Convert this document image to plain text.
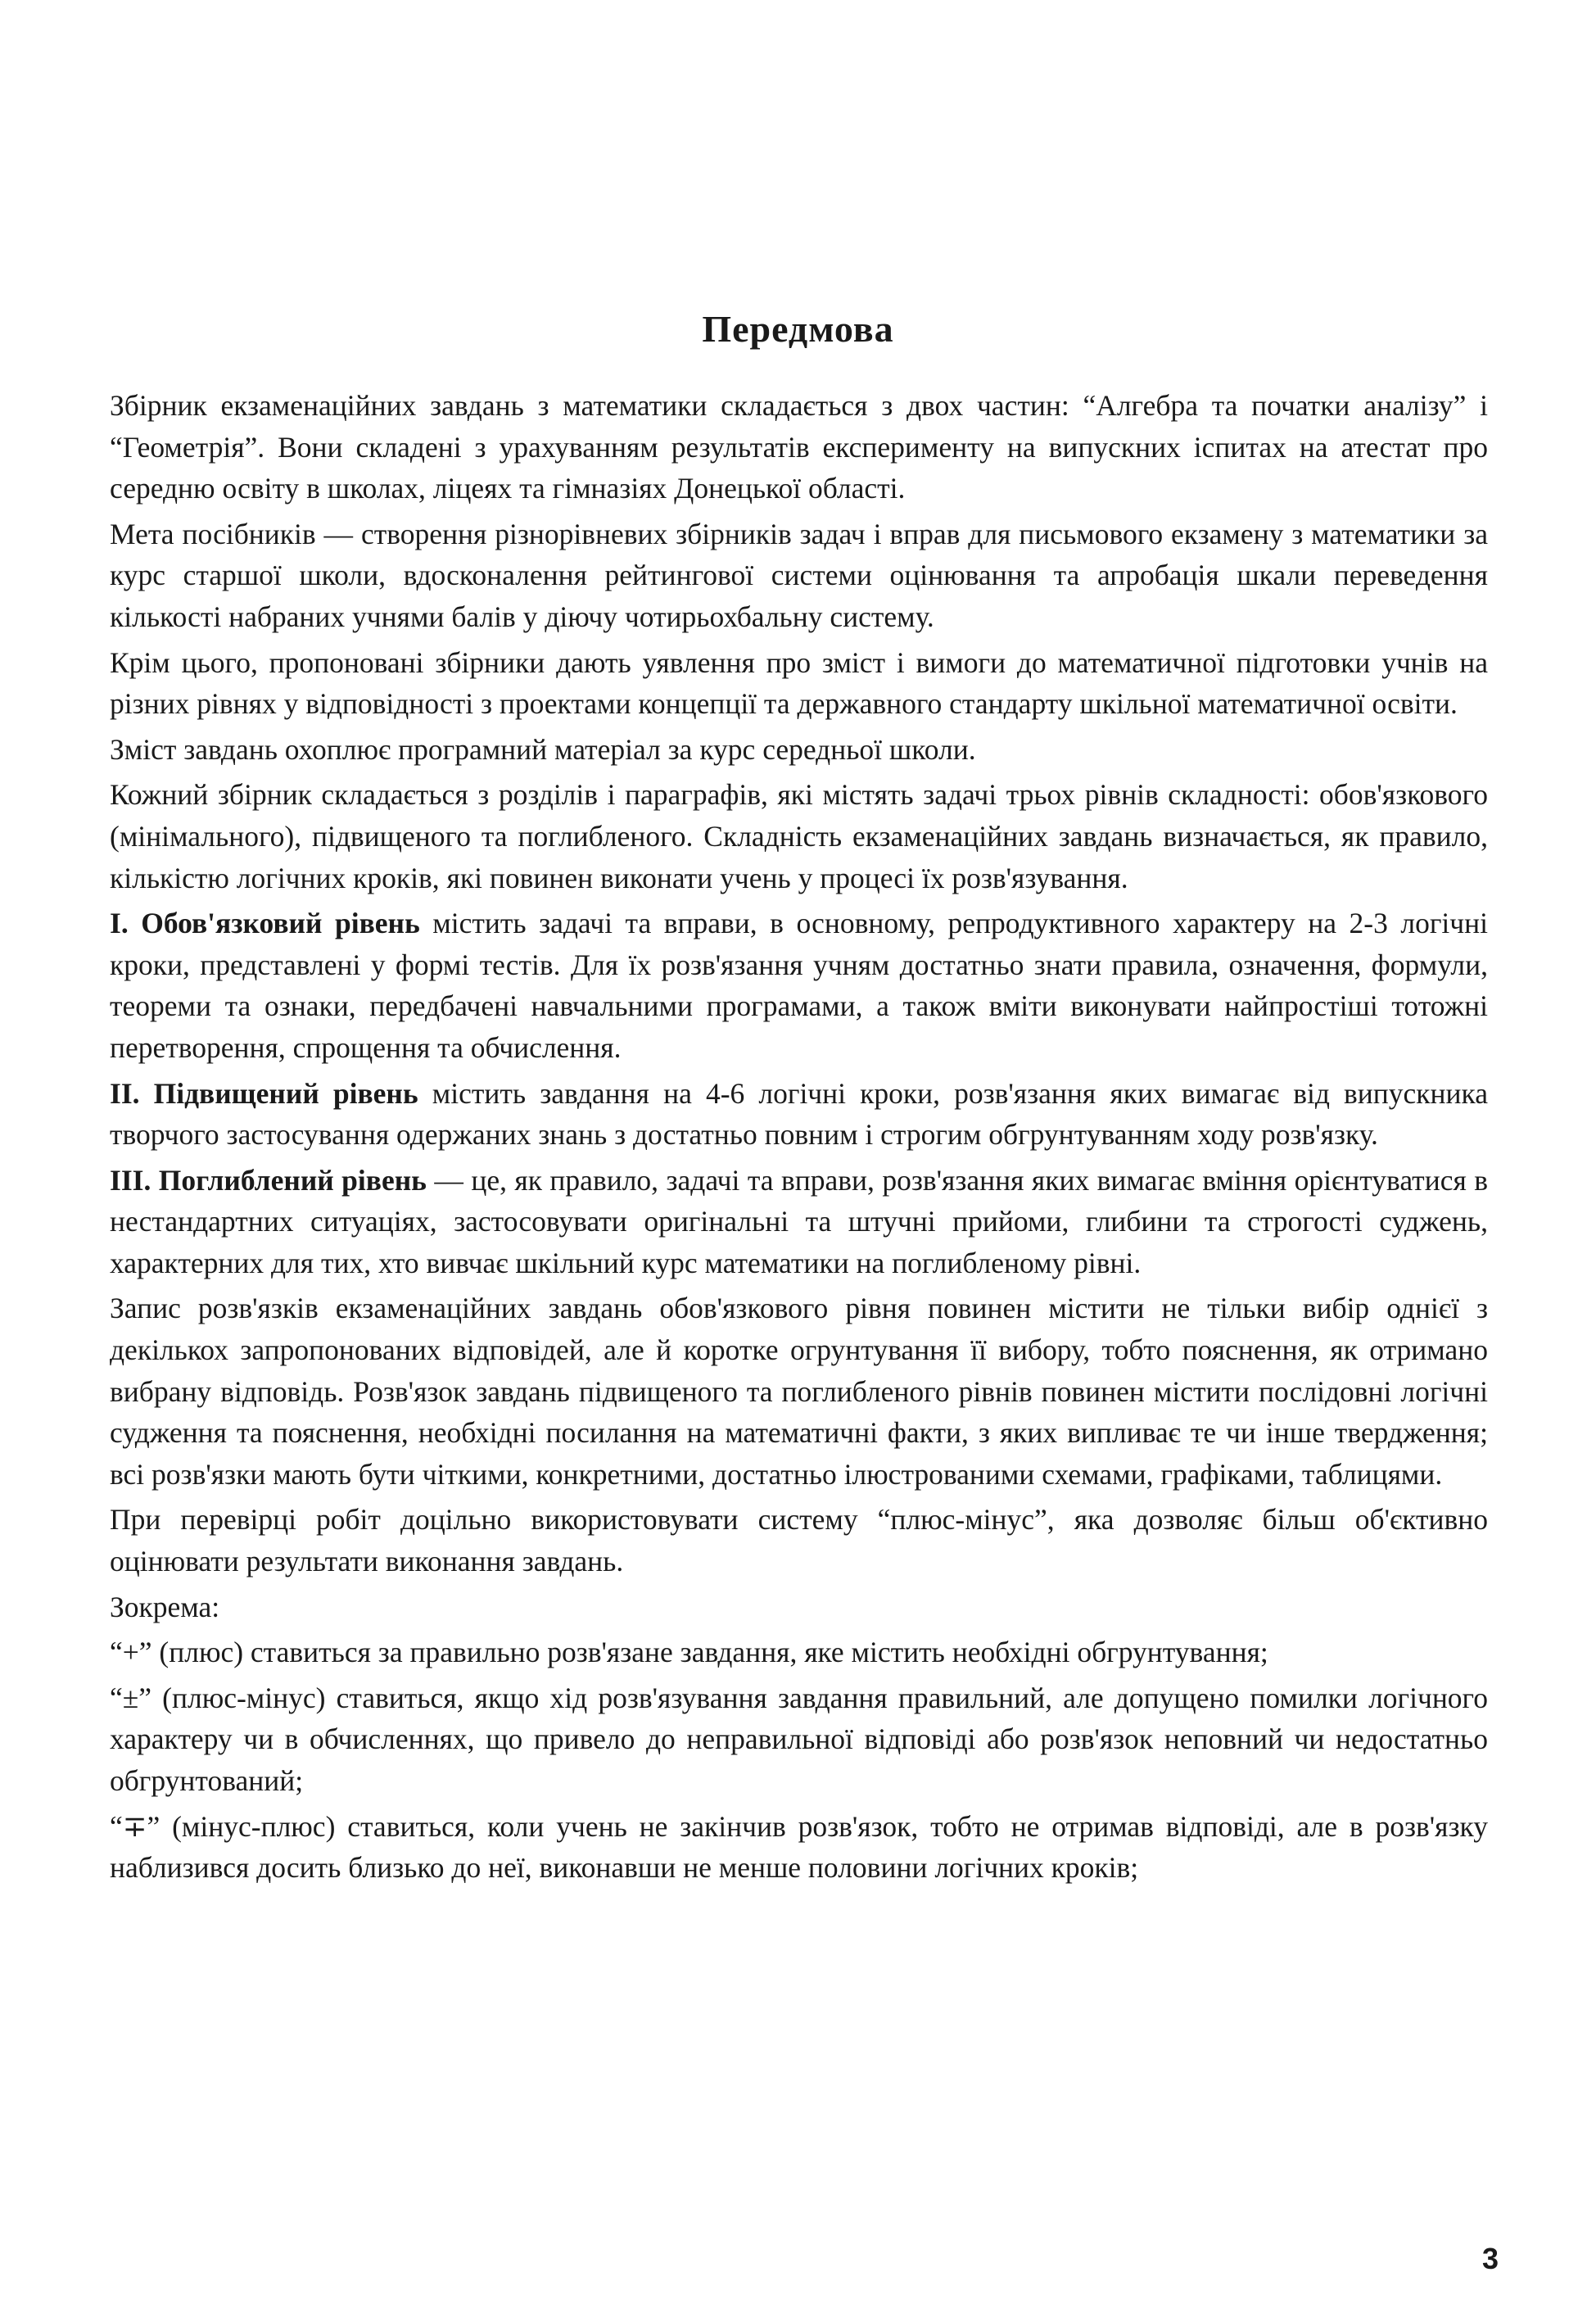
Передмова

Збірник екзаменаційних завдань з математики складається з двох частин: “Алгебра та початки аналізу” і “Геометрія”. Вони складені з урахуванням результатів експерименту на випускних іспитах на атестат про середню освіту в школах, ліцеях та гімназіях Донецької області.

Мета посібників — створення різнорівневих збірників задач і вправ для письмового екзамену з математики за курс старшої школи, вдосконалення рейтингової системи оцінювання та апробація шкали переведення кількості набраних учнями балів у діючу чотирьохбальну систему.

Крім цього, пропоновані збірники дають уявлення про зміст і вимоги до математичної підготовки учнів на різних рівнях у відповідності з проектами концепції та державного стандарту шкільної математичної освіти.

Зміст завдань охоплює програмний матеріал за курс середньої школи.

Кожний збірник складається з розділів і параграфів, які містять задачі трьох рівнів складності: обов'язкового (мінімального), підвищеного та поглибленого. Складність екзаменаційних завдань визначається, як правило, кількістю логічних кроків, які повинен виконати учень у процесі їх розв'язування.

І. Обов'язковий рівень містить задачі та вправи, в основному, репродуктивного характеру на 2-3 логічні кроки, представлені у формі тестів. Для їх розв'язання учням достатньо знати правила, означення, формули, теореми та ознаки, передбачені навчальними програмами, а також вміти виконувати найпростіші тотожні перетворення, спрощення та обчислення.

ІІ. Підвищений рівень містить завдання на 4-6 логічні кроки, розв'язання яких вимагає від випускника творчого застосування одержаних знань з достатньо повним і строгим обгрунтуванням ходу розв'язку.

ІІІ. Поглиблений рівень — це, як правило, задачі та вправи, розв'язання яких вимагає вміння орієнтуватися в нестандартних ситуаціях, застосовувати оригінальні та штучні прийоми, глибини та строгості суджень, характерних для тих, хто вивчає шкільний курс математики на поглибленому рівні.

Запис розв'язків екзаменаційних завдань обов'язкового рівня повинен містити не тільки вибір однієї з декількох запропонованих відповідей, але й коротке огрунтування її вибору, тобто пояснення, як отримано вибрану відповідь. Розв'язок завдань підвищеного та поглибленого рівнів повинен містити послідовні логічні судження та пояснення, необхідні посилання на математичні факти, з яких випливає те чи інше твердження; всі розв'язки мають бути чіткими, конкретними, достатньо ілюстрованими схемами, графіками, таблицями.

При перевірці робіт доцільно використовувати систему “плюс-мінус”, яка дозволяє більш об'єктивно оцінювати результати виконання завдань.

Зокрема:

“+” (плюс) ставиться за правильно розв'язане завдання, яке містить необхідні обгрунтування;

“±” (плюс-мінус) ставиться, якщо хід розв'язування завдання правильний, але допущено помилки логічного характеру чи в обчисленнях, що привело до неправильної відповіді або розв'язок неповний чи недостатньо обгрунтований;

“∓” (мінус-плюс) ставиться, коли учень не закінчив розв'язок, тобто не отримав відповіді, але в розв'язку наблизився досить близько до неї, виконавши не менше половини логічних кроків;

3
